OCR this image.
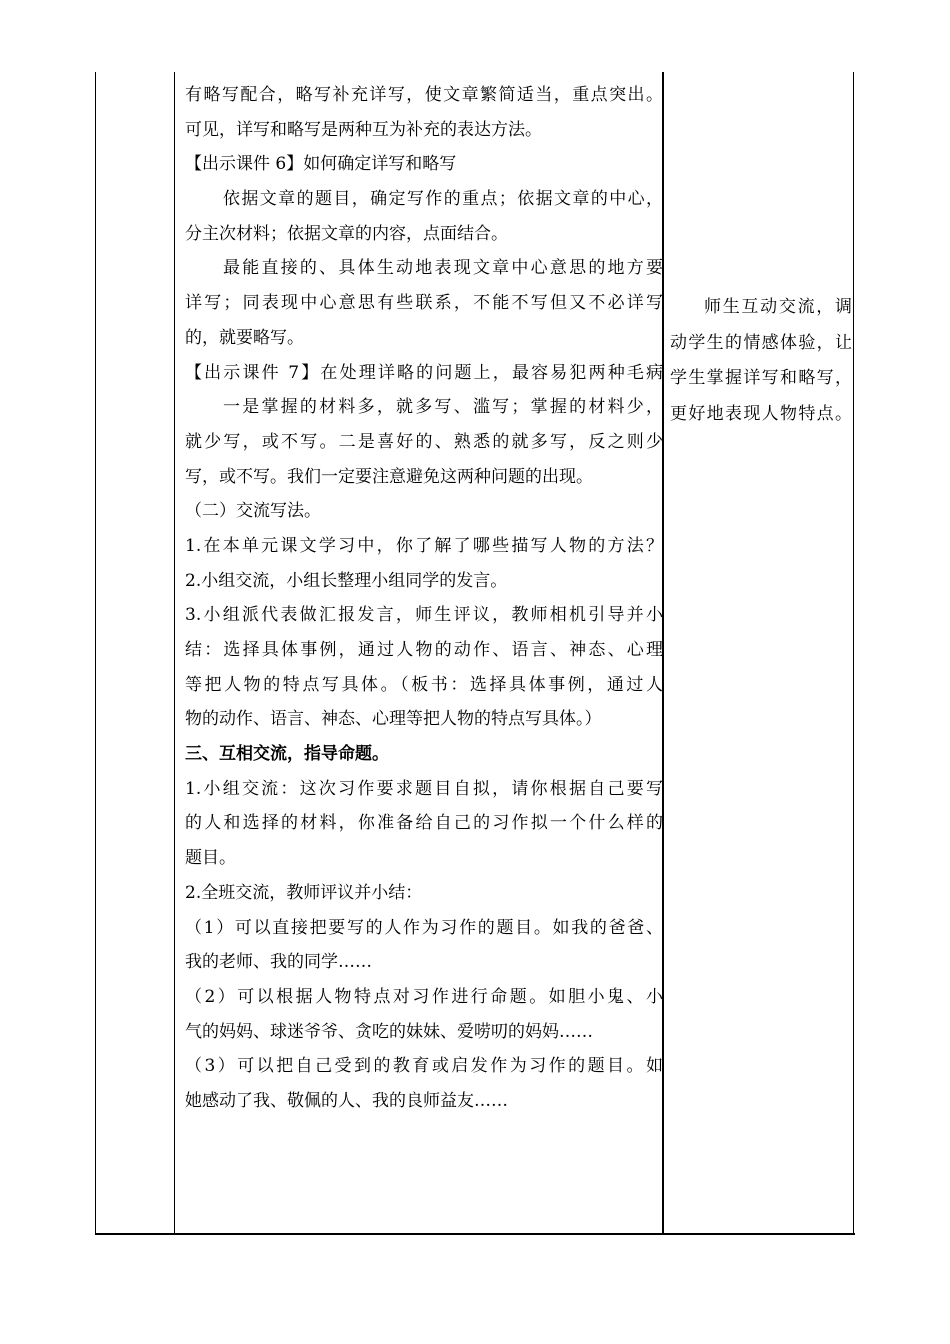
有略写配合，略写补充详写，使文章繁简适当，重点突出。
可见，详写和略写是两种互为补充的表达方法。
【出示课件 6】如何确定详写和略写
依据文章的题目，确定写作的重点；依据文章的中心，
分主次材料；依据文章的内容，点面结合。
最能直接的、具体生动地表现文章中心意思的地方要
详写；同表现中心意思有些联系，不能不写但又不必详写
的，就要略写。
【出示课件 7】在处理详略的问题上，最容易犯两种毛病
一是掌握的材料多，就多写、滥写；掌握的材料少，
就少写，或不写。二是喜好的、熟悉的就多写，反之则少
写，或不写。我们一定要注意避免这两种问题的出现。
（二）交流写法。
1.在本单元课文学习中，你了解了哪些描写人物的方法？
2.小组交流，小组长整理小组同学的发言。
3.小组派代表做汇报发言，师生评议，教师相机引导并小
结：选择具体事例，通过人物的动作、语言、神态、心理
等把人物的特点写具体。（板书：选择具体事例，通过人
物的动作、语言、神态、心理等把人物的特点写具体。）
三、互相交流，指导命题。
1.小组交流：这次习作要求题目自拟，请你根据自己要写
的人和选择的材料，你准备给自己的习作拟一个什么样的
题目。
2.全班交流，教师评议并小结：
（1）可以直接把要写的人作为习作的题目。如我的爸爸、
我的老师、我的同学……
（2）可以根据人物特点对习作进行命题。如胆小鬼、小
气的妈妈、球迷爷爷、贪吃的妹妹、爱唠叨的妈妈……
（3）可以把自己受到的教育或启发作为习作的题目。如
她感动了我、敬佩的人、我的良师益友……
师生互动交流，调
动学生的情感体验，让
学生掌握详写和略写，
更好地表现人物特点。
